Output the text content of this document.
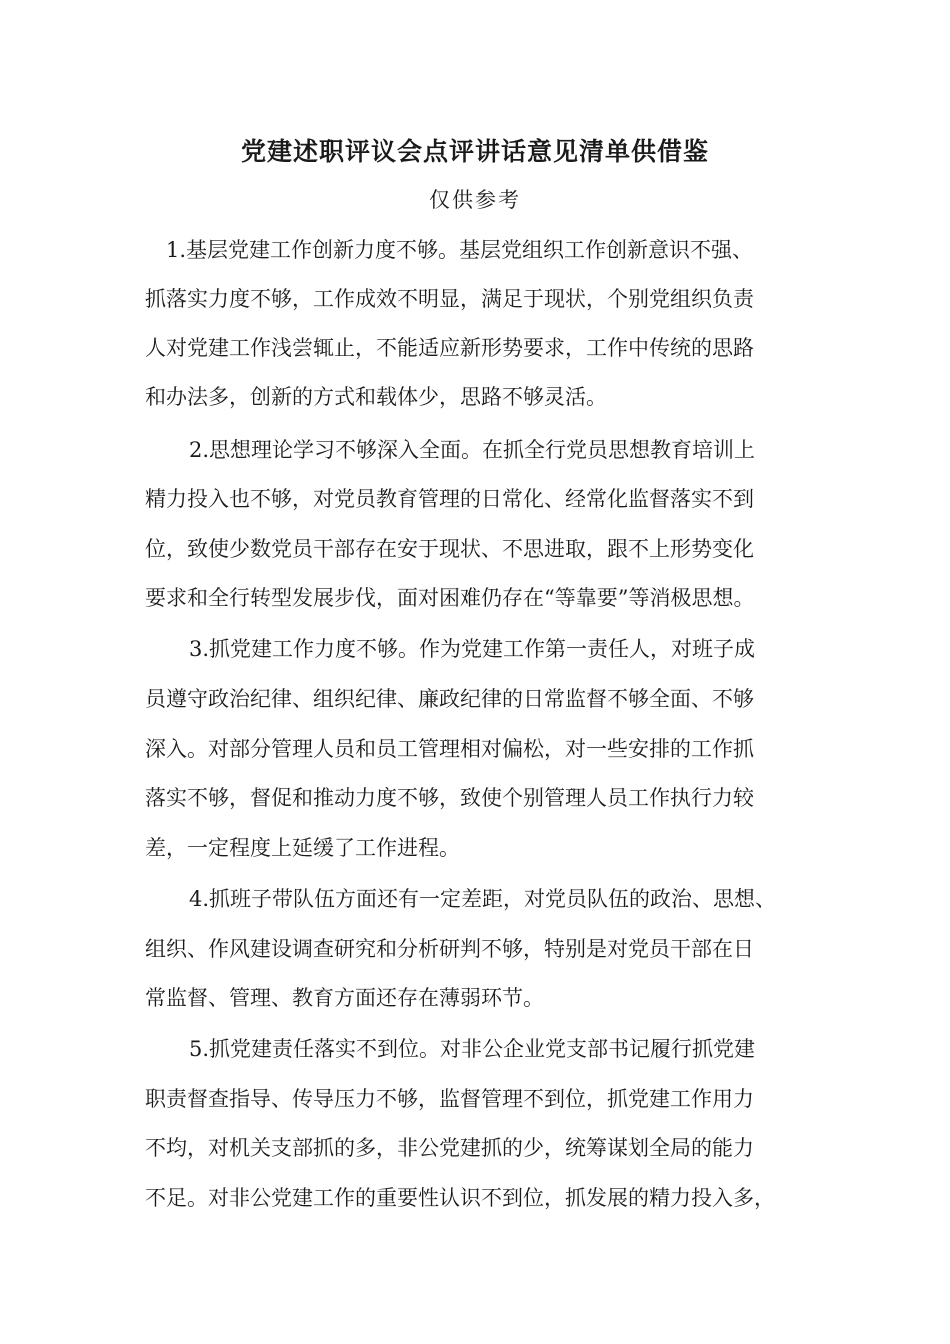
党建述职评议会点评讲话意见清单供借鉴
仅供参考
1.基层党建工作创新力度不够。基层党组织工作创新意识不强、
抓落实力度不够，工作成效不明显，满足于现状，个别党组织负责
人对党建工作浅尝辄止，不能适应新形势要求，工作中传统的思路
和办法多，创新的方式和载体少，思路不够灵活。
2.思想理论学习不够深入全面。在抓全行党员思想教育培训上
精力投入也不够，对党员教育管理的日常化、经常化监督落实不到
位，致使少数党员干部存在安于现状、不思进取，跟不上形势变化
要求和全行转型发展步伐，面对困难仍存在“等靠要”等消极思想。
3.抓党建工作力度不够。作为党建工作第一责任人，对班子成
员遵守政治纪律、组织纪律、廉政纪律的日常监督不够全面、不够
深入。对部分管理人员和员工管理相对偏松，对一些安排的工作抓
落实不够，督促和推动力度不够，致使个别管理人员工作执行力较
差，一定程度上延缓了工作进程。
4.抓班子带队伍方面还有一定差距，对党员队伍的政治、思想、
组织、作风建设调查研究和分析研判不够，特别是对党员干部在日
常监督、管理、教育方面还存在薄弱环节。
5.抓党建责任落实不到位。对非公企业党支部书记履行抓党建
职责督查指导、传导压力不够，监督管理不到位，抓党建工作用力
不均，对机关支部抓的多，非公党建抓的少，统筹谋划全局的能力
不足。对非公党建工作的重要性认识不到位，抓发展的精力投入多，
